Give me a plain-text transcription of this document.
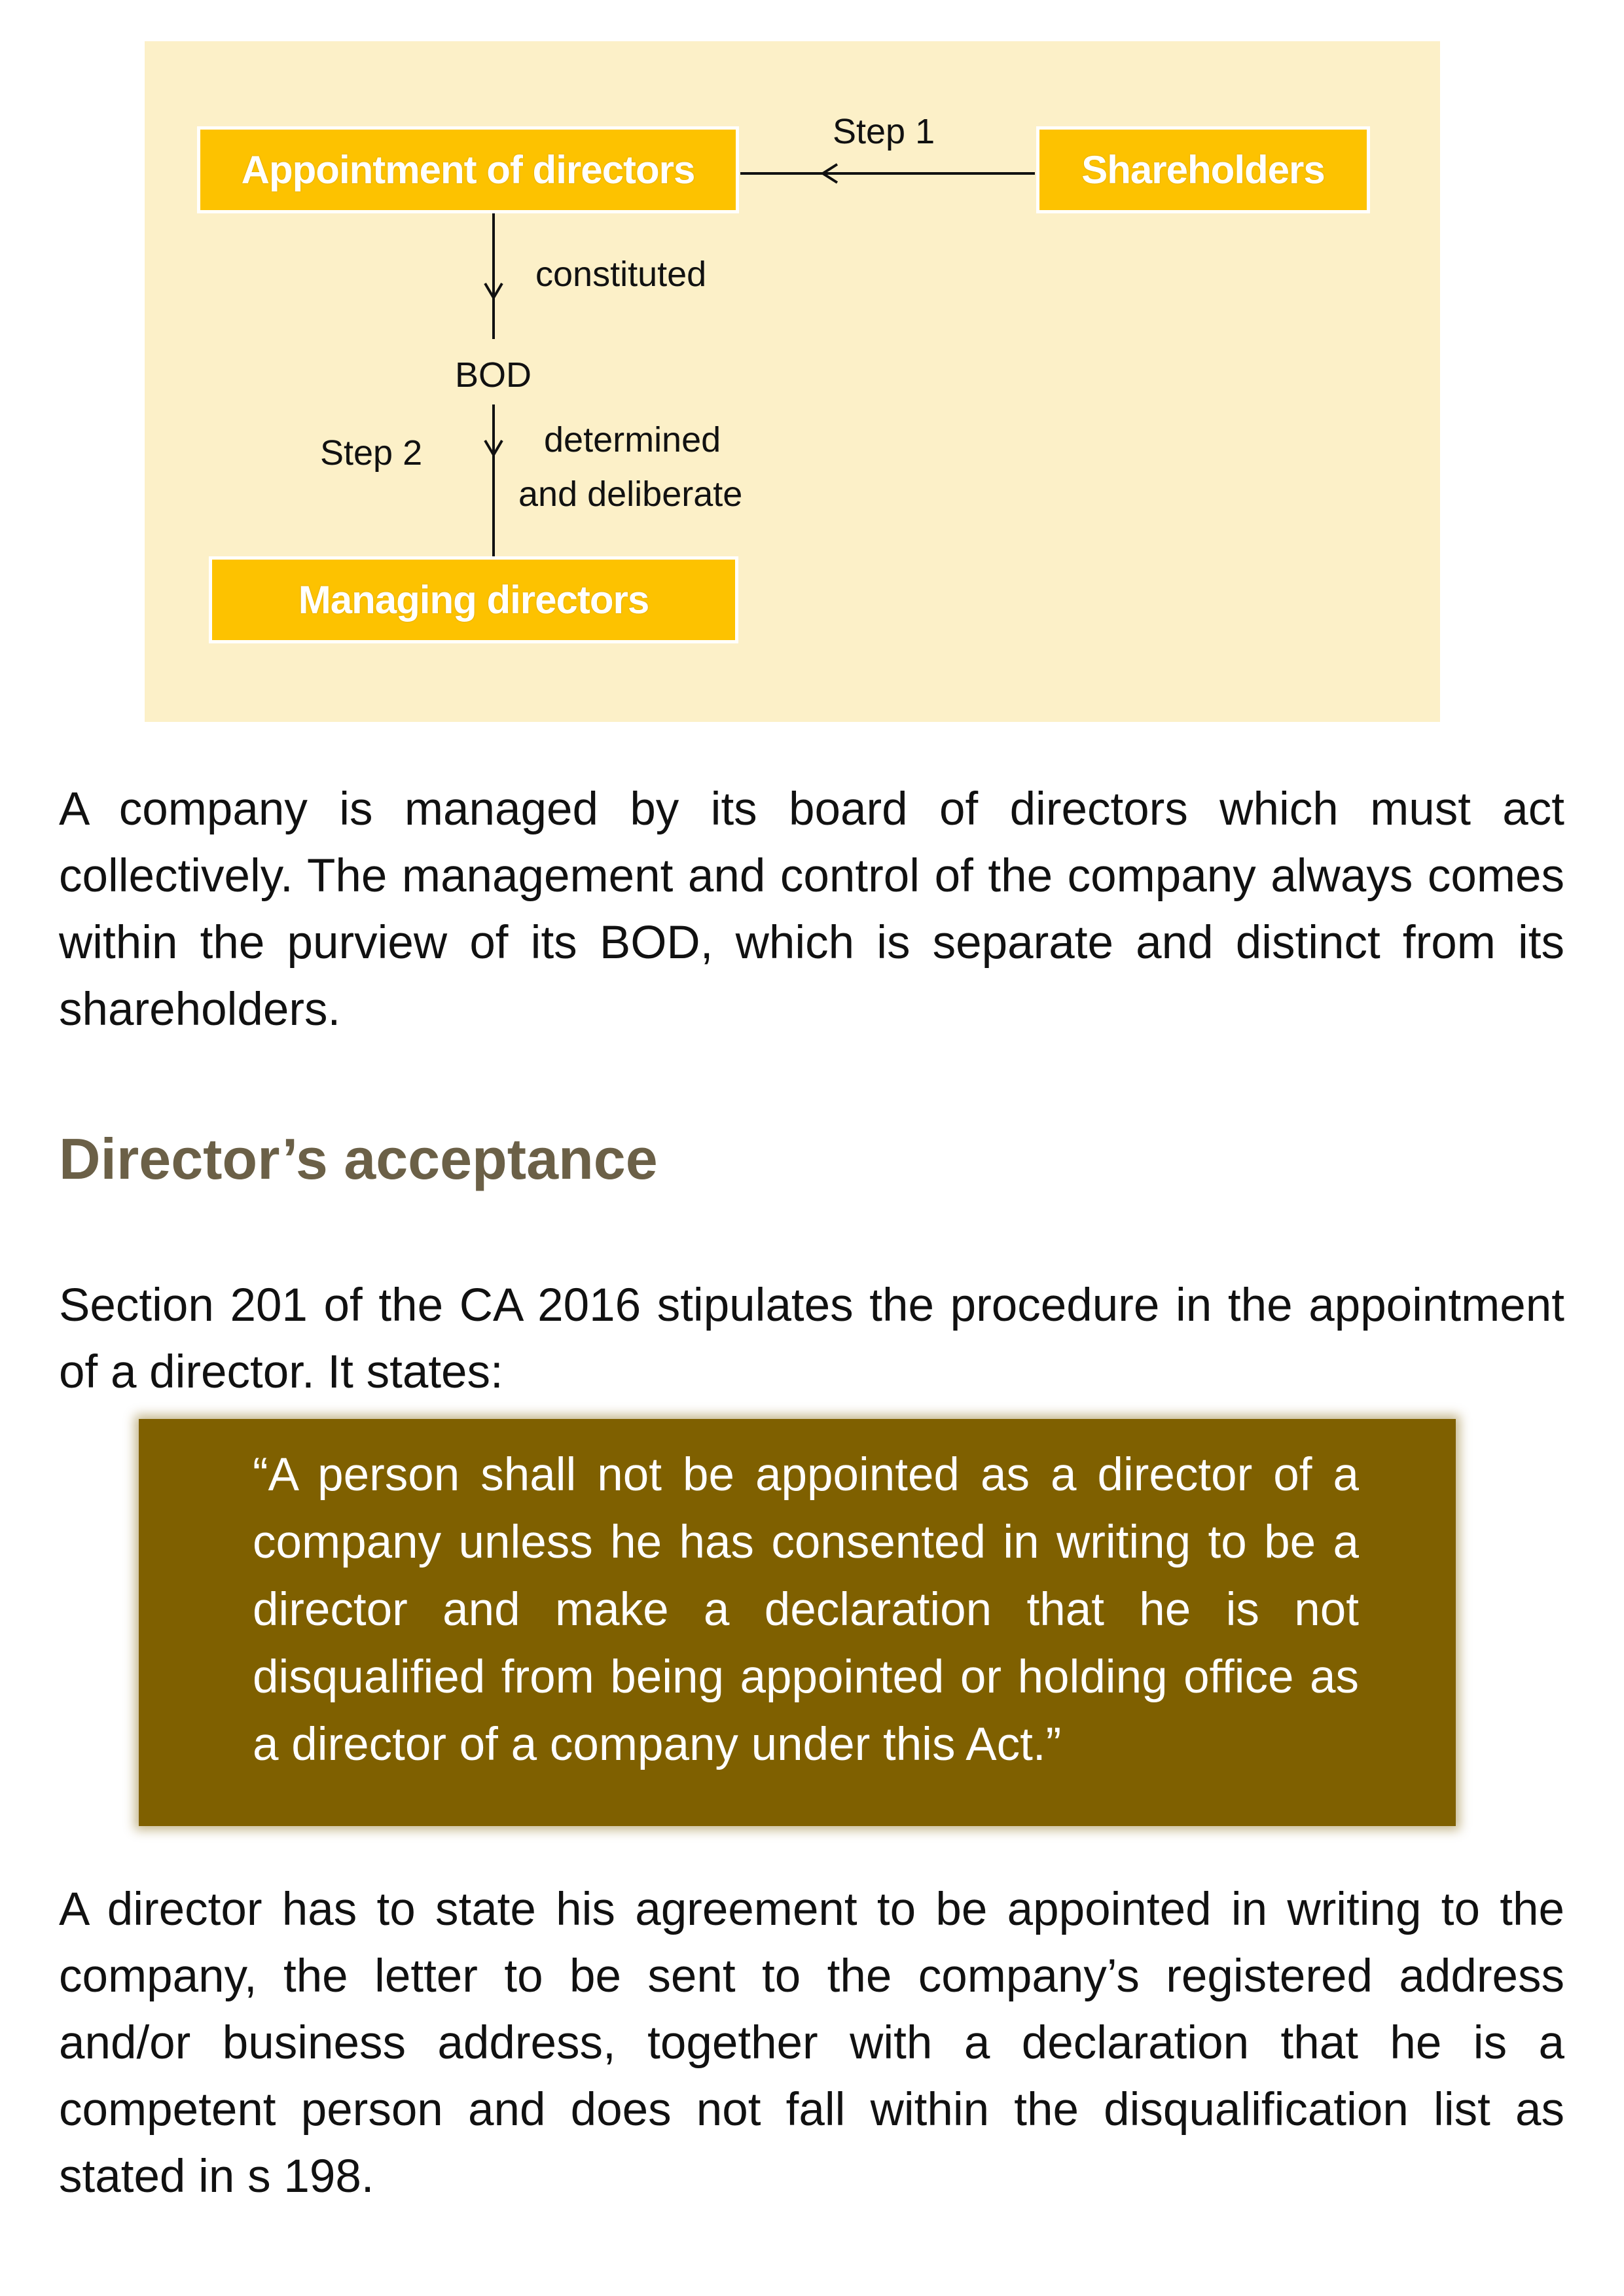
Appointment of directors	Shareholders
Managing directors
Step 1
constituted
BOD
Step 2	determined
and deliberate
A company is managed by its board of directors which must act collectively. The management and control of the company always comes within the purview of its BOD, which is separate and distinct from its shareholders.
Director’s acceptance
Section 201 of the CA 2016 stipulates the procedure in the appointment of a director. It states:
“A person shall not be appointed as a director of a company unless he has consented in writing to be a director and make a declaration that he is not disqualified from being appointed or holding office as a director of a company under this Act.”
A director has to state his agreement to be appointed in writing to the company, the letter to be sent to the company’s registered address and/or business address, together with a declaration that he is a competent person and does not fall within the disqualification list as stated in s 198.
